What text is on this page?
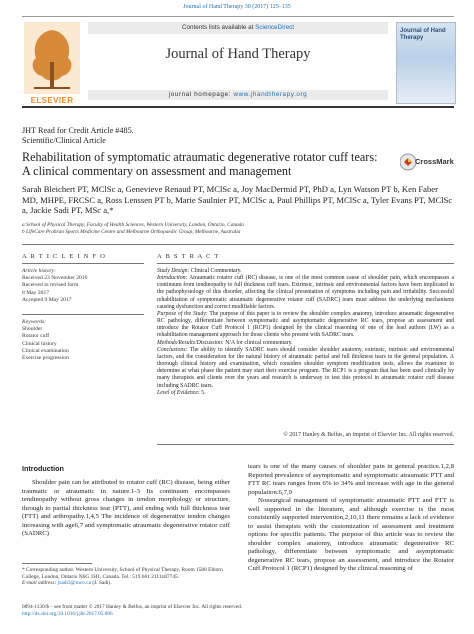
Journal of Hand Therapy 30 (2017) 125–135
ELSEVIER
Contents lists available at ScienceDirect
Journal of Hand Therapy
journal homepage: www.jhandtherapy.org
Journal of Hand Therapy
JHT Read for Credit Article #485.
Scientific/Clinical Article
Rehabilitation of symptomatic atraumatic degenerative rotator cuff tears: A clinical commentary on assessment and management
CrossMark
Sarah Bleichert PT, MClSc a, Genevieve Renaud PT, MClSc a, Joy MacDermid PT, PhD a, Lyn Watson PT b, Ken Faber MD, MHPE, FRCSC a, Ross Lenssen PT b, Marie Saulnier PT, MClSc a, Paul Phillips PT, MClSc a, Tyler Evans PT, MClSc a, Jackie Sadi PT, MSc a,*
a School of Physical Therapy, Faculty of Health Sciences, Western University, London, Ontario, Canada
b LifeCare Prahran Sports Medicine Centre and Melbourne Orthopaedic Group, Melbourne, Australia
A R T I C L E I N F O
Article history:
Received 23 November 2016
Received in revised form
8 May 2017
Accepted 9 May 2017
Keywords:
Shoulder
Rotator cuff
Clinical history
Clinical examination
Exercise progression
A B S T R A C T

Study Design: Clinical Commentary.

Introduction: Atraumatic rotator cuff (RC) disease, is one of the most common cause of shoulder pain, which encompasses a continuum from tendinopathy to full thickness cuff tears. Extrinsic, intrinsic and environmental factors have been implicated in the pathophysiology of this disorder, affecting the clinical presentation of symptoms including pain and irritability. Successful rehabilitation of symptomatic atraumatic degenerative rotator cuff (SADRC) tears must address the underlying mechanisms causing dysfunction and correct modifiable factors.

Purpose of the Study: The purpose of this paper is to review the shoulder complex anatomy, introduce atraumatic degenerative RC pathology, differentiate between symptomatic and asymptomatic degenerative RC tears, propose an assessment and introduce the Rotator Cuff Protocol 1 (RCP1) designed by the clinical reasoning of one of the lead authors (LW) as a rehabilitation management approach for those clients who present with SADRC tears.

Methods/Results/Discussion: N/A for clinical commentary.

Conclusions: The ability to identify SADRC tears should consider shoulder anatomy, extrinsic, intrinsic and environmental factors, and the consideration for the natural history of atraumatic partial and full thickness tears in the general population. A thorough clinical history and examination, which considers shoulder symptom modification tests, allows the examiner to determine at what phase the patient may start their exercise program. The RCP1 is a program that has been used clinically by many therapists and clients over the years and research is underway to test this protocol in atraumatic rotator cuff disease including SADRC tears.

Level of Evidence: 5.

© 2017 Hanley & Belfus, an imprint of Elsevier Inc. All rights reserved.
Introduction

Shoulder pain can be attributed to rotator cuff (RC) disease, being either traumatic or atraumatic in nature.1-3 Its continuum encompasses tendinopathy without gross changes in tendon morphology or structure, through to partial thickness tear (PTT), and ending with full thickness tear (FTT) and arthropathy.1,4,5 The incidence of degenerative tendon changes increasing with age6,7 and symptomatic atraumatic degenerative rotator cuff (SADRC)

tears is one of the many causes of shoulder pain in general practice.1,2,8 Reported prevalence of asymptomatic and symptomatic atraumatic PTT and FTT RC tears ranges from 6% to 34% and increase with age in the general population.6,7,9

Nonsurgical management of symptomatic atraumatic PTT and FTT is well supported in the literature, and although exercise is the most consistently supported intervention,2,10,11 there remains a lack of evidence to assist therapists with the customization of assessment and treatment options for specific patients. The purpose of this article was to review the shoulder complex anatomy, introduce atraumatic degenerative RC pathology, differentiate between symptomatic and asymptomatic degenerative RC tears, propose an assessment, and introduce the Rotator Cuff Protocol 1 (RCP1) designed by the clinical reasoning of

* Corresponding author. Western University, School of Physical Therapy, Room 1588 Elborn College, London, Ontario N6G 1H1, Canada. Tel.: 519 661 2111x87745.
E-mail address: jsadi3@uwo.ca (J. Sadi).
0894-1130/$ – see front matter © 2017 Hanley & Belfus, an imprint of Elsevier Inc. All rights reserved.
http://dx.doi.org/10.1016/j.jht.2017.05.006
